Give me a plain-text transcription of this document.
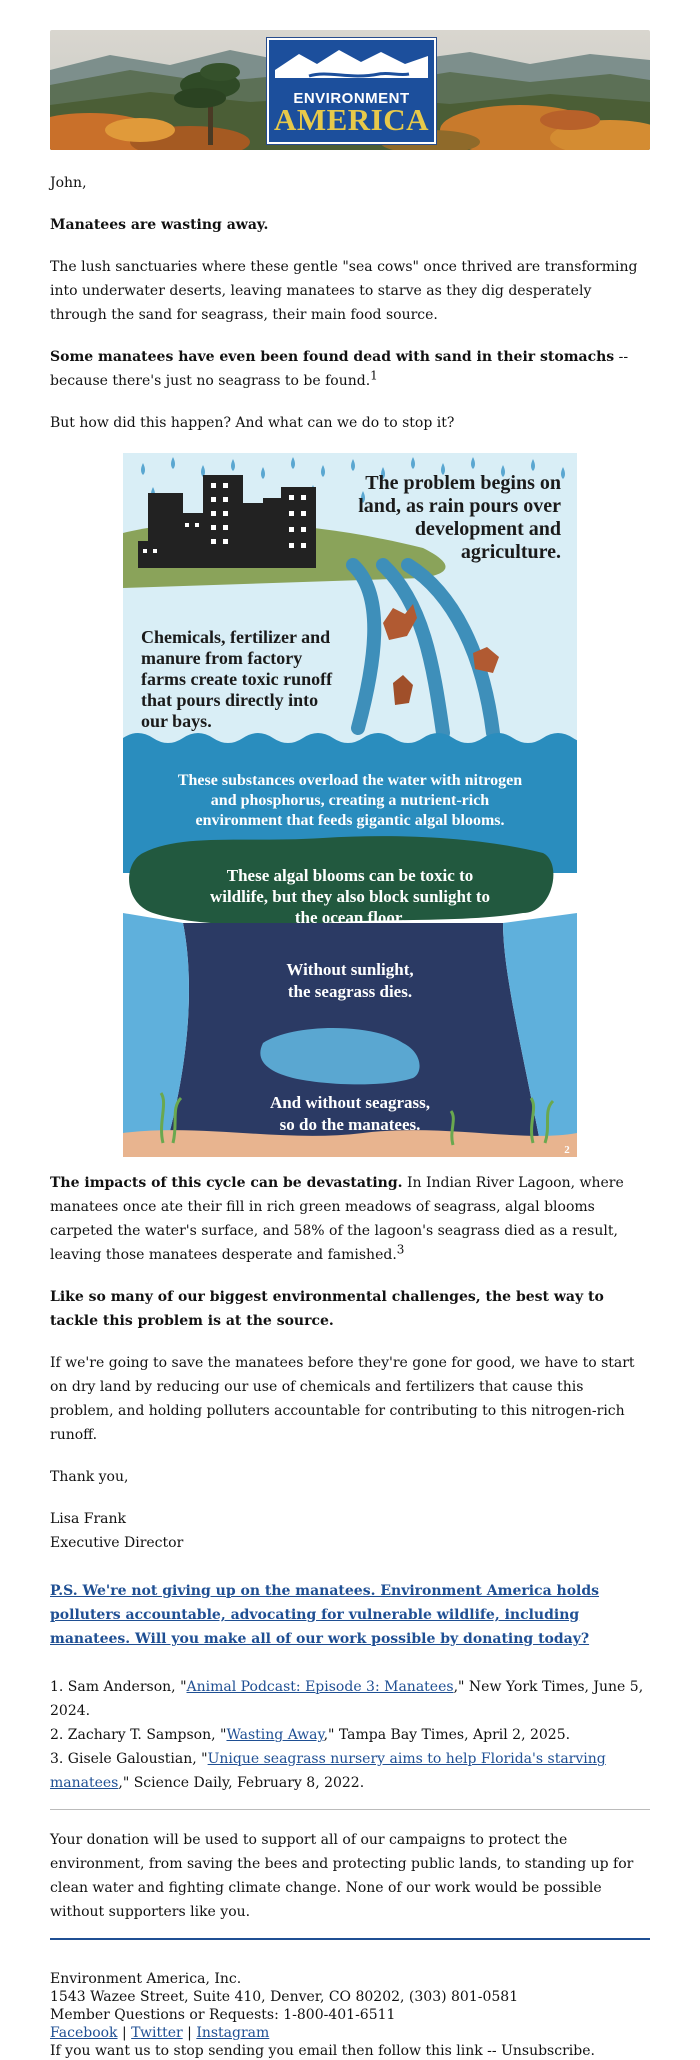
ENVIRONMENT
AMERICA

John,

Manatees are wasting away.

The lush sanctuaries where these gentle "sea cows" once thrived are transforming into underwater deserts, leaving manatees to starve as they dig desperately through the sand for seagrass, their main food source.

Some manatees have even been found dead with sand in their stomachs -- because there's just no seagrass to be found.1

But how did this happen? And what can we do to stop it?

The problem begins on
land, as rain pours over
development and
agriculture.
Chemicals, fertilizer and
manure from factory
farms create toxic runoff
that pours directly into
our bays.
These substances overload the water with nitrogen
and phosphorus, creating a nutrient-rich
environment that feeds gigantic algal blooms.
These algal blooms can be toxic to
wildlife, but they also block sunlight to
the ocean floor.
Without sunlight,
the seagrass dies.
And without seagrass,
so do the manatees.
2

The impacts of this cycle can be devastating. In Indian River Lagoon, where manatees once ate their fill in rich green meadows of seagrass, algal blooms carpeted the water's surface, and 58% of the lagoon's seagrass died as a result, leaving those manatees desperate and famished.3

Like so many of our biggest environmental challenges, the best way to tackle this problem is at the source.

If we're going to save the manatees before they're gone for good, we have to start on dry land by reducing our use of chemicals and fertilizers that cause this problem, and holding polluters accountable for contributing to this nitrogen-rich runoff.

Thank you,

Lisa Frank

Executive Director

P.S. We're not giving up on the manatees. Environment America holds polluters accountable, advocating for vulnerable wildlife, including manatees. Will you make all of our work possible by donating today?

1. Sam Anderson, "Animal Podcast: Episode 3: Manatees," New York Times, June 5, 2024.

2. Zachary T. Sampson, "Wasting Away," Tampa Bay Times, April 2, 2025.

3. Gisele Galoustian, "Unique seagrass nursery aims to help Florida's starving manatees," Science Daily, February 8, 2022.

Your donation will be used to support all of our campaigns to protect the environment, from saving the bees and protecting public lands, to standing up for clean water and fighting climate change. None of our work would be possible without supporters like you.

Environment America, Inc.

1543 Wazee Street, Suite 410, Denver, CO 80202, (303) 801-0581

Member Questions or Requests: 1-800-401-6511

Facebook | Twitter | Instagram

If you want us to stop sending you email then follow this link -- Unsubscribe.
